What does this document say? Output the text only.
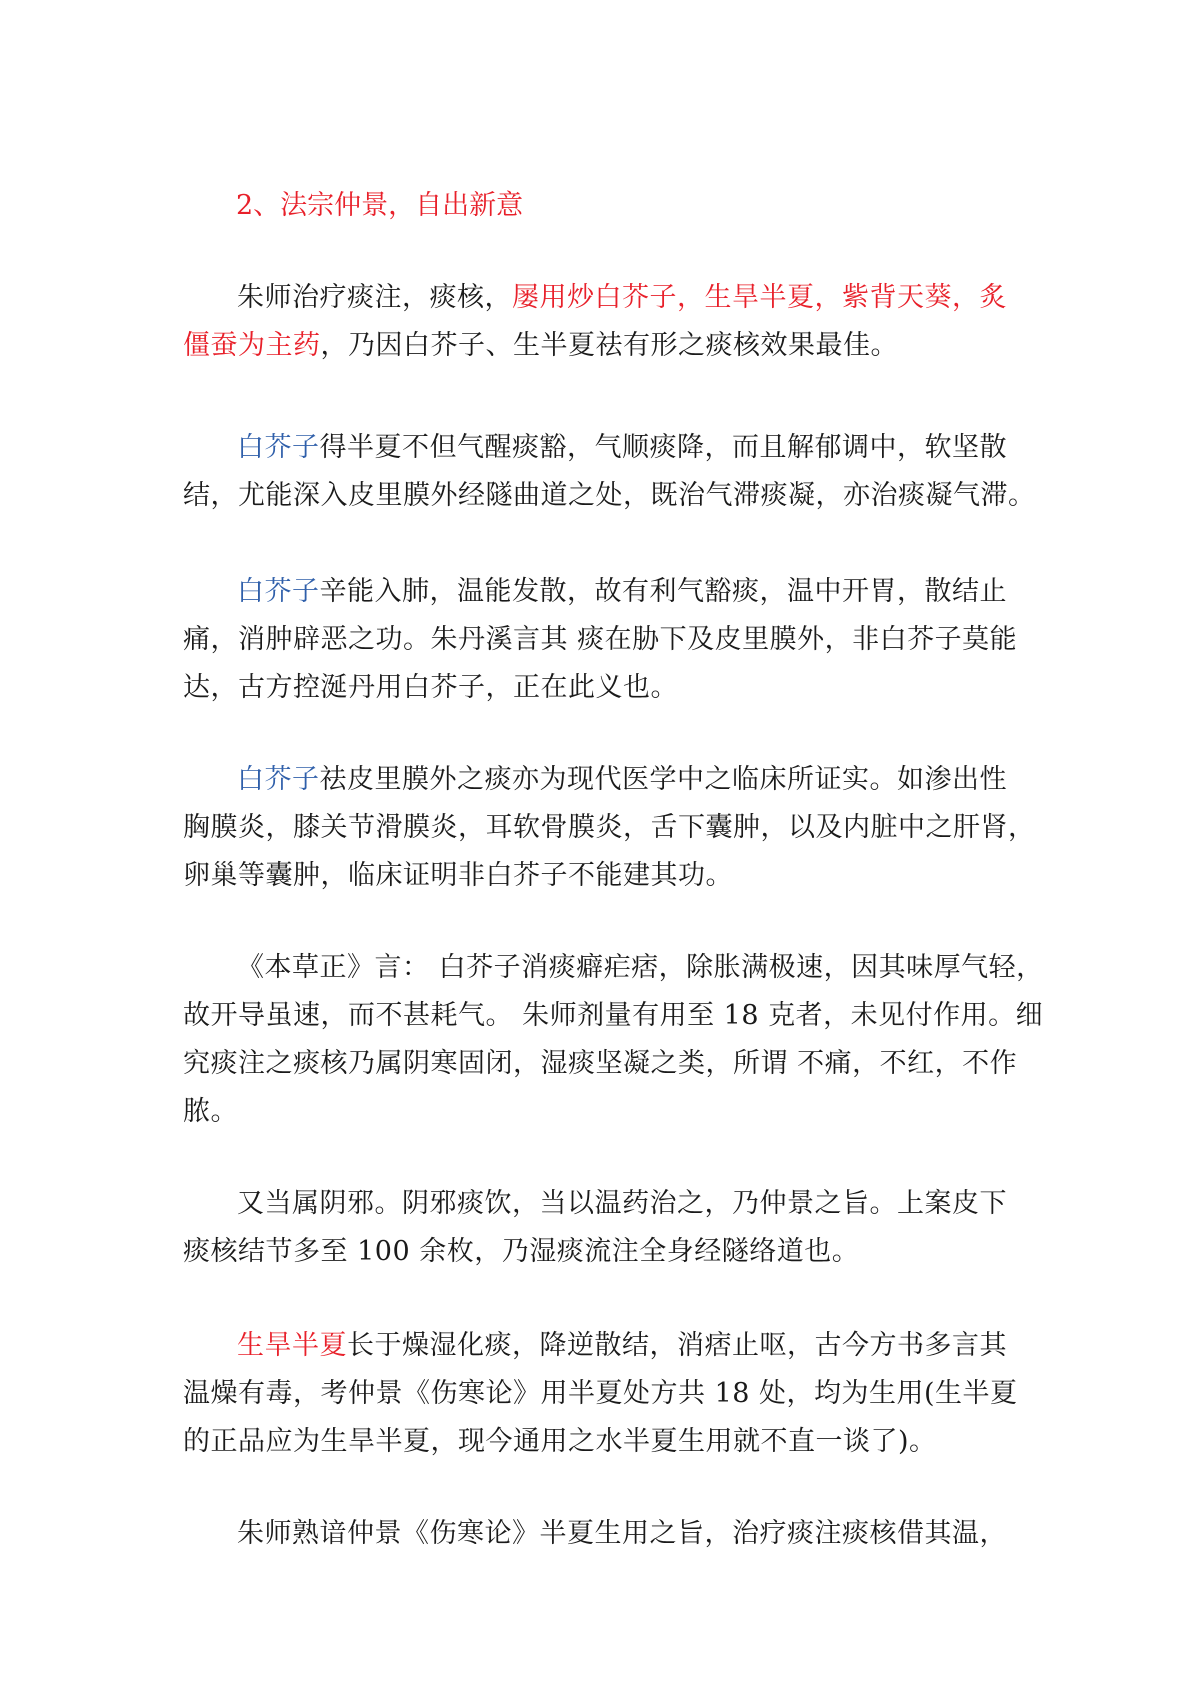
2、法宗仲景，自出新意
朱师治疗痰注，痰核，屡用炒白芥子，生旱半夏，紫背天葵，炙
僵蚕为主药，乃因白芥子、生半夏祛有形之痰核效果最佳。
白芥子得半夏不但气醒痰豁，气顺痰降，而且解郁调中，软坚散
结，尤能深入皮里膜外经隧曲道之处，既治气滞痰凝，亦治痰凝气滞。
白芥子辛能入肺，温能发散，故有利气豁痰，温中开胃，散结止
痛，消肿辟恶之功。朱丹溪言其 痰在胁下及皮里膜外，非白芥子莫能
达，古方控涎丹用白芥子，正在此义也。
白芥子祛皮里膜外之痰亦为现代医学中之临床所证实。如渗出性
胸膜炎，膝关节滑膜炎，耳软骨膜炎，舌下囊肿，以及内脏中之肝肾，
卵巢等囊肿，临床证明非白芥子不能建其功。
《本草正》言： 白芥子消痰癖疟痞，除胀满极速，因其味厚气轻，
故开导虽速，而不甚耗气。 朱师剂量有用至 18 克者，未见付作用。细
究痰注之痰核乃属阴寒固闭，湿痰坚凝之类，所谓 不痛，不红，不作
脓。
又当属阴邪。阴邪痰饮，当以温药治之，乃仲景之旨。上案皮下
痰核结节多至 100 余枚，乃湿痰流注全身经隧络道也。
生旱半夏长于燥湿化痰，降逆散结，消痞止呕，古今方书多言其
温燥有毒，考仲景《伤寒论》用半夏处方共 18 处，均为生用(生半夏
的正品应为生旱半夏，现今通用之水半夏生用就不直一谈了)。
朱师熟谙仲景《伤寒论》半夏生用之旨，治疗痰注痰核借其温，
